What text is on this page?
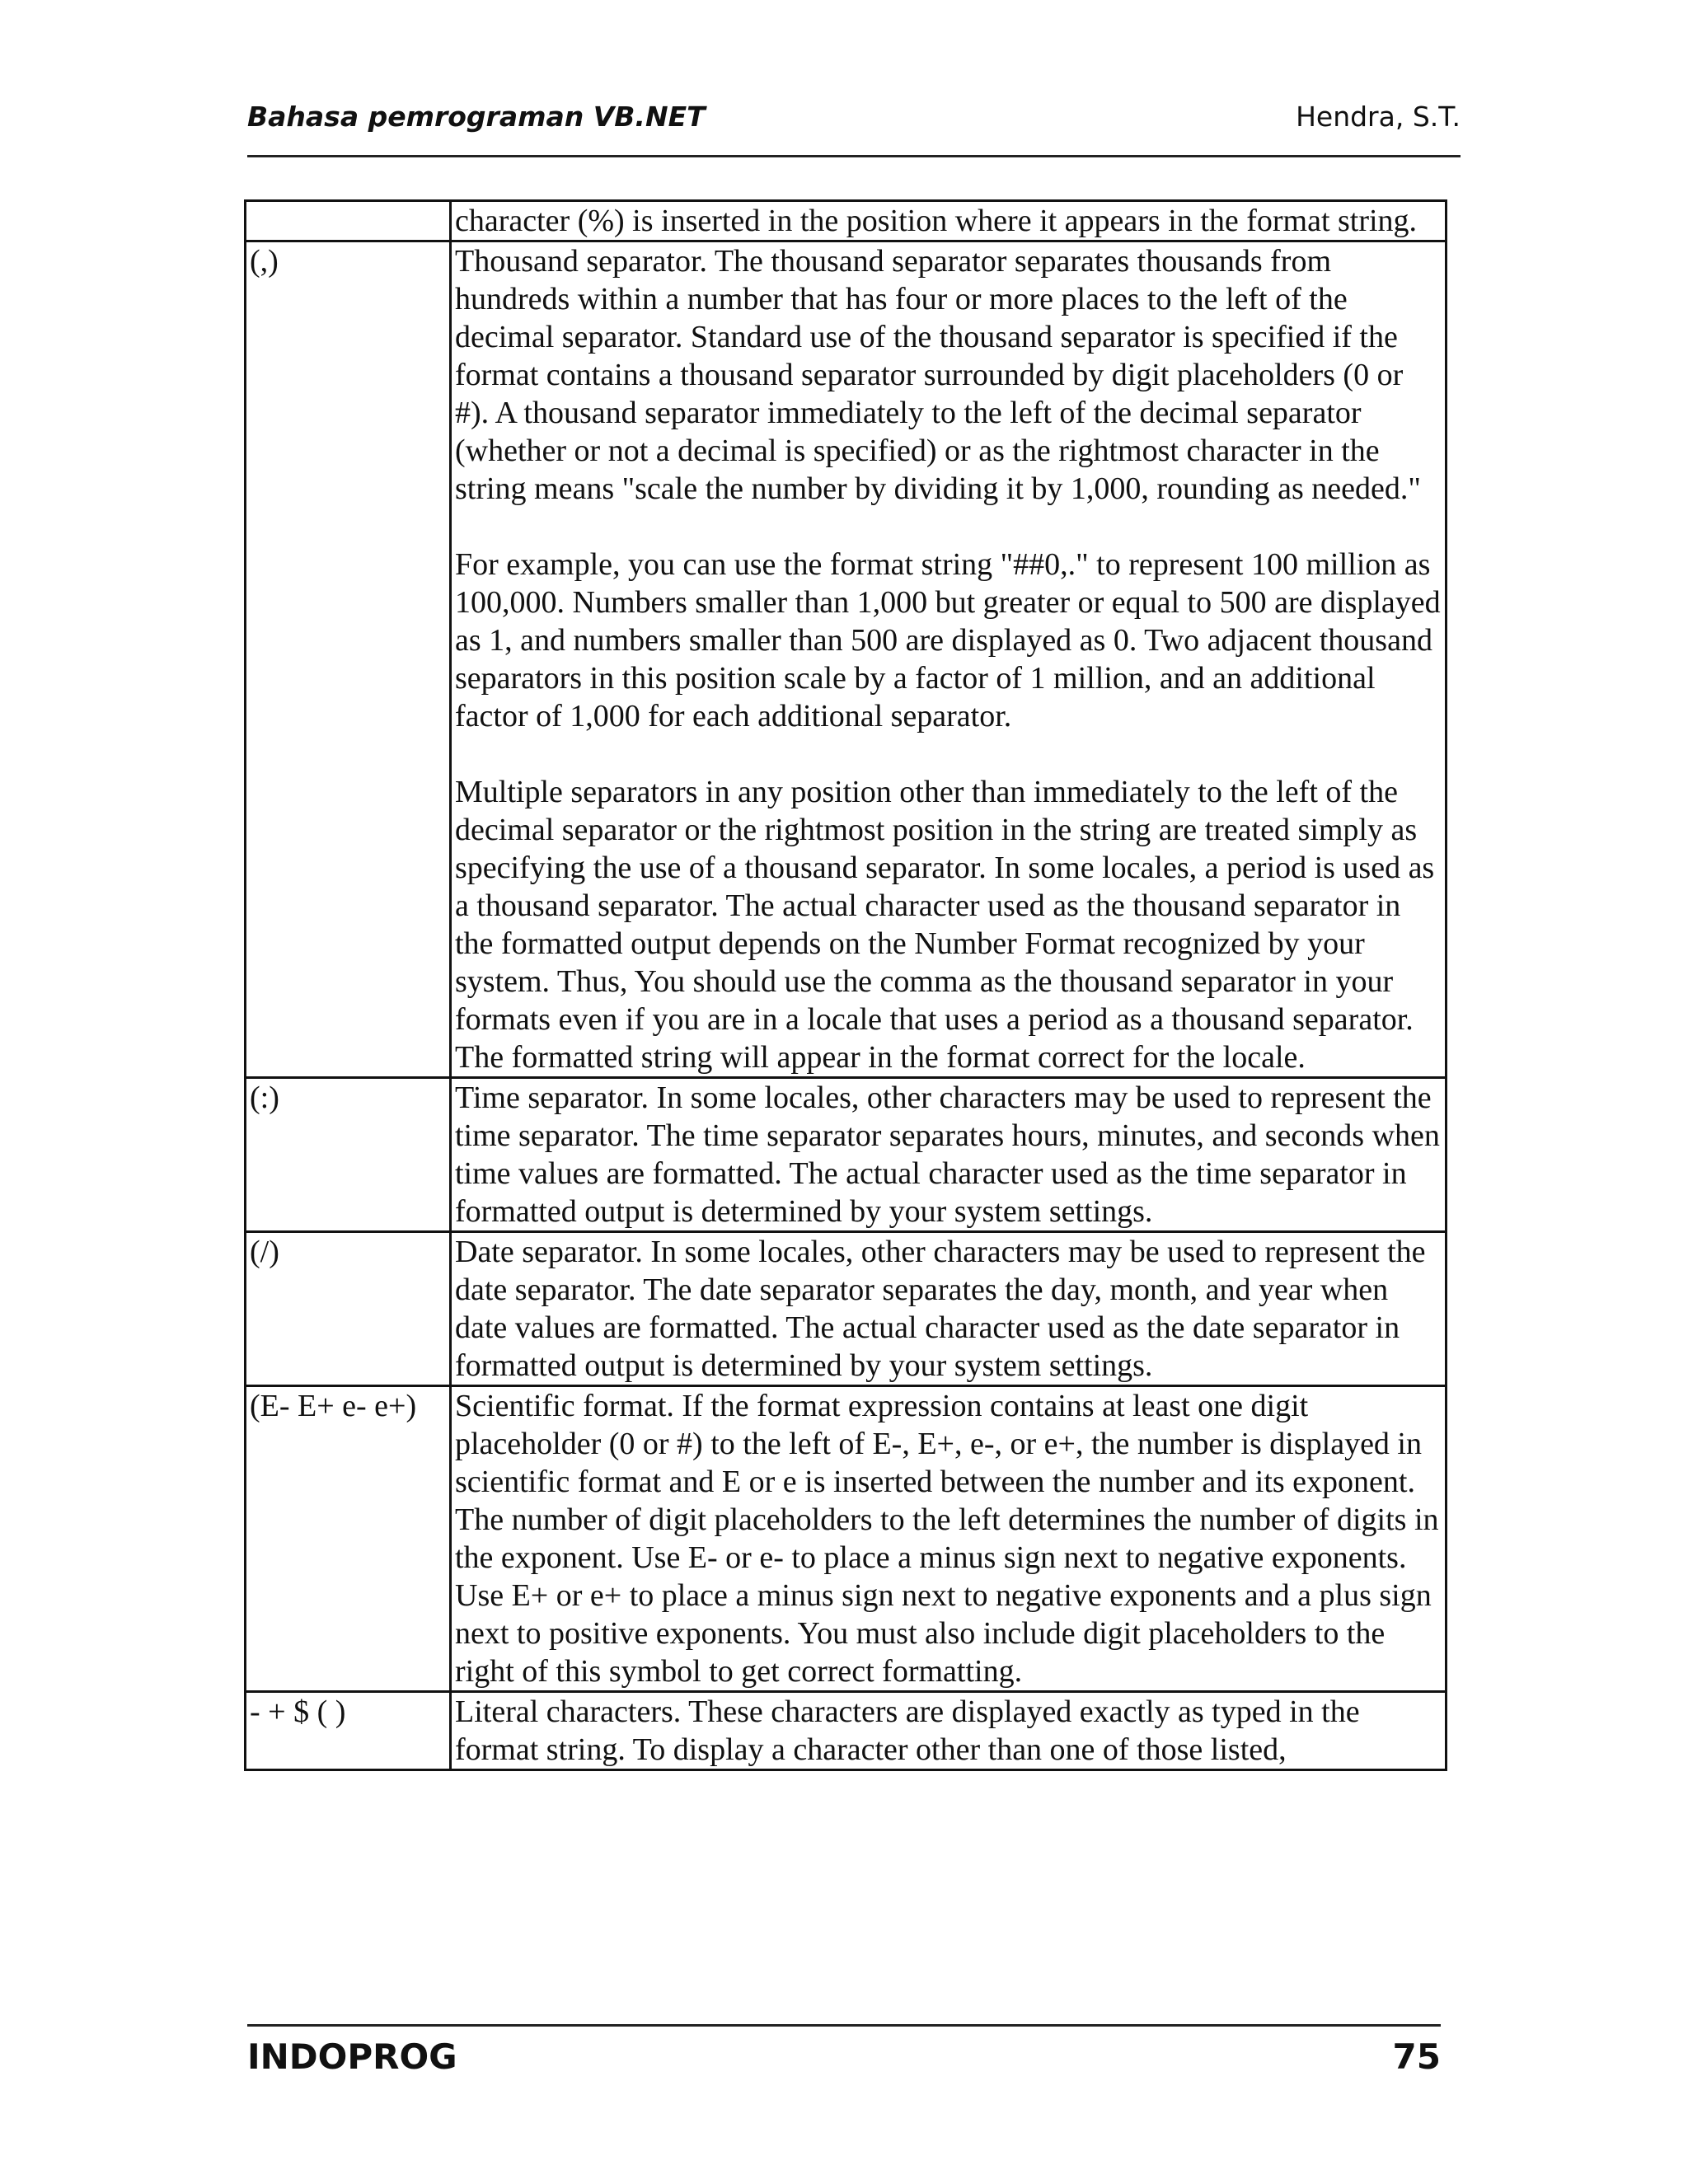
Bahasa pemrograman VB.NET	Hendra, S.T.

	character (%) is inserted in the position where it appears in the format string.

(,)	Thousand separator. The thousand separator separates thousands from hundreds within a number that has four or more places to the left of the decimal separator. Standard use of the thousand separator is specified if the format contains a thousand separator surrounded by digit placeholders (0 or #). A thousand separator immediately to the left of the decimal separator (whether or not a decimal is specified) or as the rightmost character in the string means "scale the number by dividing it by 1,000, rounding as needed."

For example, you can use the format string "##0,." to represent 100 million as 100,000. Numbers smaller than 1,000 but greater or equal to 500 are displayed as 1, and numbers smaller than 500 are displayed as 0. Two adjacent thousand separators in this position scale by a factor of 1 million, and an additional factor of 1,000 for each additional separator.

Multiple separators in any position other than immediately to the left of the decimal separator or the rightmost position in the string are treated simply as specifying the use of a thousand separator. In some locales, a period is used as a thousand separator. The actual character used as the thousand separator in the formatted output depends on the Number Format recognized by your system. Thus, You should use the comma as the thousand separator in your formats even if you are in a locale that uses a period as a thousand separator. The formatted string will appear in the format correct for the locale.

(:)	Time separator. In some locales, other characters may be used to represent the time separator. The time separator separates hours, minutes, and seconds when time values are formatted. The actual character used as the time separator in formatted output is determined by your system settings.

(/)	Date separator. In some locales, other characters may be used to represent the date separator. The date separator separates the day, month, and year when date values are formatted. The actual character used as the date separator in formatted output is determined by your system settings.

(E- E+ e- e+)	Scientific format. If the format expression contains at least one digit placeholder (0 or #) to the left of E-, E+, e-, or e+, the number is displayed in scientific format and E or e is inserted between the number and its exponent. The number of digit placeholders to the left determines the number of digits in the exponent. Use E- or e- to place a minus sign next to negative exponents. Use E+ or e+ to place a minus sign next to negative exponents and a plus sign next to positive exponents. You must also include digit placeholders to the right of this symbol to get correct formatting.

- + $ ( )	Literal characters. These characters are displayed exactly as typed in the format string. To display a character other than one of those listed,

INDOPROG	75
